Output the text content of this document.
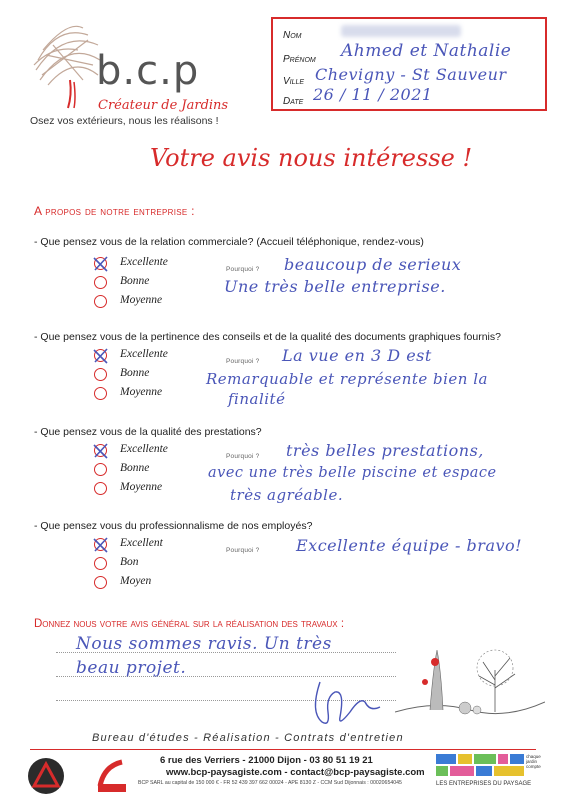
b.c.p
Créateur de Jardins
Osez vos extérieurs, nous les réalisons !
Nom
Prénom Ahmed et Nathalie
Ville Chevigny - St Sauveur
Date 26 / 11 / 2021
Votre avis nous intéresse !
A propos de notre entreprise :
- Que pensez vous de la relation commerciale? (Accueil téléphonique, rendez-vous)
Excellente
Bonne
Moyenne
Pourquoi ? beaucoup de serieux
Une très belle entreprise.
- Que pensez vous de la pertinence des conseils et de la qualité des documents graphiques fournis?
Excellente
Bonne
Moyenne
Pourquoi ? La vue en 3 D est
Remarquable et représente bien la
finalité
- Que pensez vous de la qualité des prestations?
Excellente
Bonne
Moyenne
Pourquoi ? très belles prestations,
avec une très belle piscine et espace
très agréable.
- Que pensez vous du professionnalisme de nos employés?
Excellent
Bon
Moyen
Pourquoi ? Excellente équipe - bravo!
Donnez nous votre avis général sur la réalisation des travaux :
Nous sommes ravis. Un très
beau projet.
Bureau d'études - Réalisation - Contrats d'entretien
6 rue des Verriers - 21000 Dijon - 03 80 51 19 21
www.bcp-paysagiste.com - contact@bcp-paysagiste.com
BCP SARL au capital de 150 000 € - FR 52 439 397 662 00024 - APE 8130 Z - CCM Sud Dijonnais : 00020654045
chaque jardin compte
LES ENTREPRISES DU PAYSAGE
